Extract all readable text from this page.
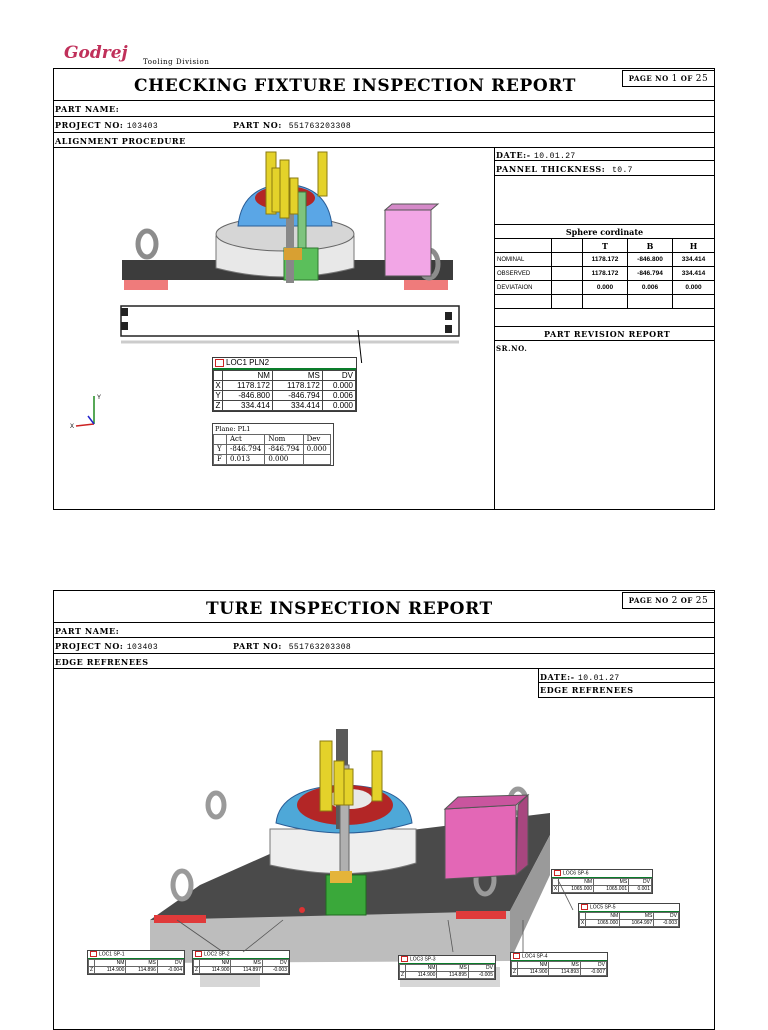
Godrej Tooling Division
CHECKING FIXTURE INSPECTION REPORT	PAGE NO 1 OF 25
PART NAME:
PROJECT NO: 103403	PART NO: 551763203308
ALIGNMENT PROCEDURE
DATE:- 10.01.27
PANNEL THICKNESS: t0.7
Sphere cordinate				
		T	B	H
NOMINAL		1178.172	-846.800	334.414
OBSERVED		1178.172	-846.794	334.414
DEVIATAION		0.000	0.006	0.000

PART REVISION REPORT
SR.NO.
Y
X
LOC1 PLN2
	NM	MS	DV
X	1178.172	1178.172	0.000
Y	-846.800	-846.794	0.006
Z	334.414	334.414	0.000
Plane: PL1
	Act	Nom	Dev
Y	-846.794	-846.794	0.000
F	0.013	0.000	
TURE INSPECTION REPORT	PAGE NO 2 OF 25
PART NAME:
PROJECT NO: 103403	PART NO: 551763203308
EDGE REFRENEES
DATE:- 10.01.27
EDGE REFRENEES
LOC1 SP-1
	NM	MS	DV
Z	114.900	114.896	-0.004
LOC2 SP-2
	NM	MS	DV
Z	114.900	114.897	-0.003
LOC3 SP-3
	NM	MS	DV
Z	114.900	114.895	-0.005
LOC4 SP-4
	NM	MS	DV
Z	114.900	114.893	-0.007
LOC5 SP-5
	NM	MS	DV
X	1065.000	1064.997	-0.003
LOC6 SP-6
	NM	MS	DV
X	1065.000	1065.001	0.001
